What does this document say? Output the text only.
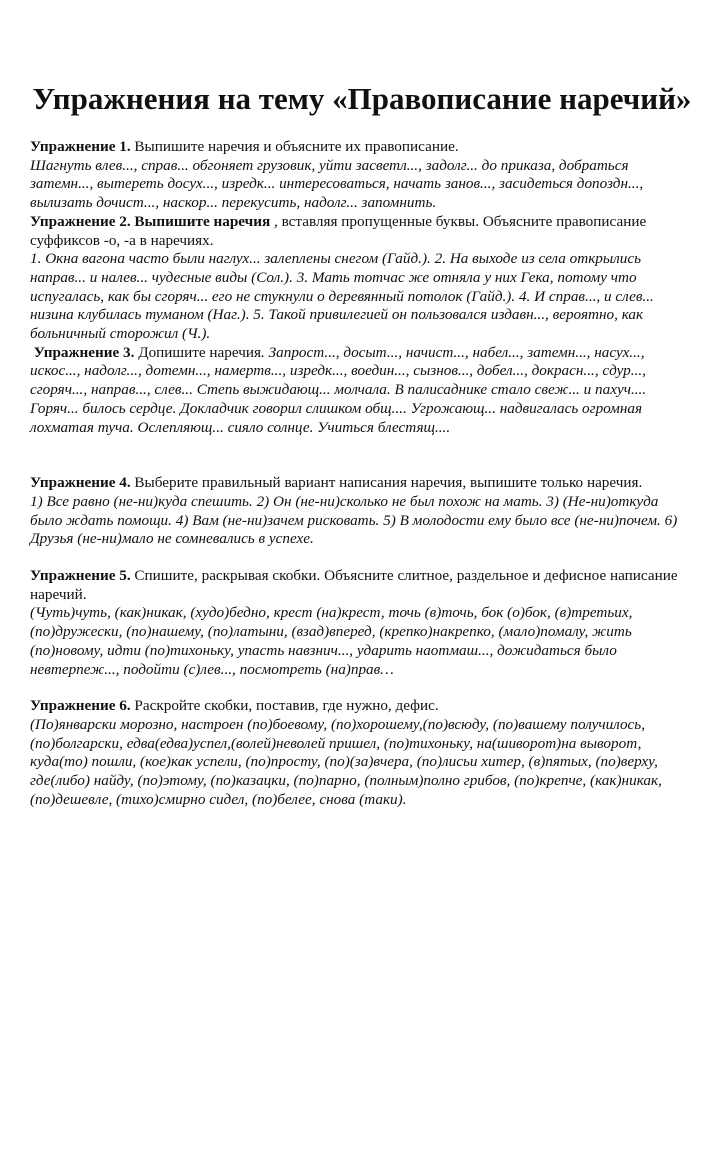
Упражнения на тему «Правописание наречий»

Упражнение 1. Выпишите наречия и объясните их правописание.
Шагнуть влев..., справ... обгоняет грузовик, уйти засветл..., задолг... до приказа, добраться затемн..., вытереть досух..., изредк... интересоваться, начать занов..., засидеться допоздн..., вылизать дочист..., наскор... перекусить, надолг... запомнить.

Упражнение 2. Выпишите наречия , вставляя пропущенные буквы. Объясните правописание суффиксов -о, -а в наречиях.
1. Окна вагона часто были наглух... залеплены снегом (Гайд.). 2. На выходе из села открылись направ... и налев... чудесные виды (Сол.). 3. Мать тотчас же отняла у них Гека, потому что испугалась, как бы сгоряч... его не стукнули о деревянный потолок (Гайд.). 4. И справ..., и слев... низина клубилась туманом (Наг.). 5. Такой привилегией он пользовался издавн..., вероятно, как больничный сторожил (Ч.).

Упражнение 3. Допишите наречия. Запрост..., досыт..., начист..., набел..., затемн..., насух..., искос..., надолг..., дотемн..., намертв..., изредк..., воедин..., сызнов..., добел..., докрасн..., сдур..., сгоряч..., направ..., слев... Степь выжидающ... молчала. В палисаднике стало свеж... и пахуч.... Горяч... билось сердце. Докладчик говорил слишком общ.... Угрожающ... надвигалась огромная лохматая туча. Ослепляющ... сияло солнце. Учиться блестящ....

Упражнение 4. Выберите правильный вариант написания наречия, выпишите только наречия.
1) Все равно (не-ни)куда спешить. 2) Он (не-ни)сколько не был похож на мать. 3) (Не-ни)откуда было ждать помощи. 4) Вам (не-ни)зачем рисковать. 5) В молодости ему было все (не-ни)почем. 6) Друзья (не-ни)мало не сомневались в успехе.

Упражнение 5. Спишите, раскрывая скобки. Объясните слитное, раздельное и дефисное написание наречий.
(Чуть)чуть, (как)никак, (худо)бедно, крест (на)крест, точь (в)точь, бок (о)бок, (в)третьих, (по)дружески, (по)нашему, (по)латыни, (взад)вперед, (крепко)накрепко, (мало)помалу, жить (по)новому, идти (по)тихоньку, упасть навзнич..., ударить наотмаш..., дожидаться было невтерпеж..., подойти (с)лев..., посмотреть (на)прав…

Упражнение 6. Раскройте скобки, поставив, где нужно, дефис.
(По)январски морозно, настроен (по)боевому, (по)хорошему,(по)всюду, (по)вашему получилось, (по)болгарски, едва(едва)успел,(волей)неволей пришел, (по)тихоньку, на(шиворот)на выворот, куда(то) пошли, (кое)как успели, (по)просту, (по)(за)вчера, (по)лисьи хитер, (в)пятых, (по)верху, где(либо) найду, (по)этому, (по)казацки, (по)парно, (полным)полно грибов, (по)крепче, (как)никак, (по)дешевле, (тихо)смирно сидел, (по)белее, снова (таки).
